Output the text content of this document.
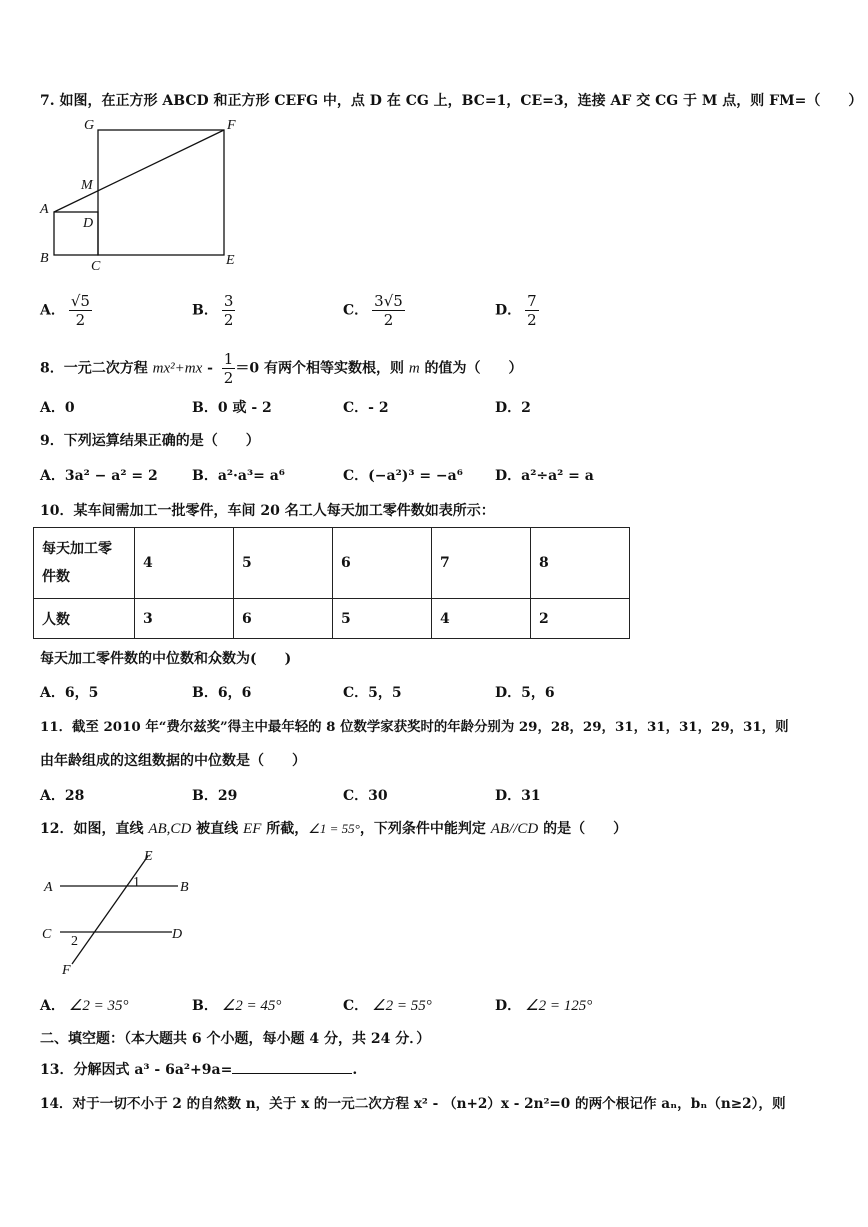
7. 如图，在正方形 ABCD 和正方形 CEFG 中，点 D 在 CG 上，BC=1，CE=3，连接 AF 交 CG 于 M 点，则 FM=（　　）
G	F
M
A
D
B
C	E
A． $\frac{√5}{2}$	B． $\frac{3}{2}$	C． $\frac{3√5}{2}$	D． $\frac{7}{2}$
8．一元二次方程 $mx^2+mx - \frac{1}{2} =0$ 有两个相等实数根，则 m 的值为（　　）
A．0	B．0 或 - 2	C．- 2	D．2
9．下列运算结果正确的是（　　）
A．3a² − a² = 2 B．a²·a³= a⁶	C．(−a²)³ = −a⁶ D．a²÷a² = a
10．某车间需加工一批零件，车间 20 名工人每天加工零件数如表所示：
每天加工零
件数	4	5	6	7	8
人数	3	6	5	4	2
每天加工零件数的中位数和众数为(　　)
A．6，5	B．6，6	C．5，5	D．5，6
11．截至 2010 年“费尔兹奖”得主中最年轻的 8 位数学家获奖时的年龄分别为 29，28，29，31，31，31，29，31，则
由年龄组成的这组数据的中位数是（　　）
A．28	B．29	C．30	D．31
12．如图，直线 AB,CD 被直线 EF 所截，∠1 = 55°，下列条件中能判定 AB//CD 的是（　　）
E
A	1	B
C 2	D
F
A． ∠2 = 35°	B． ∠2 = 45°	C． ∠2 = 55°	D． ∠2 = 125°
二、填空题：（本大题共 6 个小题，每小题 4 分，共 24 分．）
13．分解因式 a³ - 6a²+9a=	.
14．对于一切不小于 2 的自然数 n，关于 x 的一元二次方程 x² - （n+2）x - 2n²=0 的两个根记作 aₙ，bₙ（n≥2），则
